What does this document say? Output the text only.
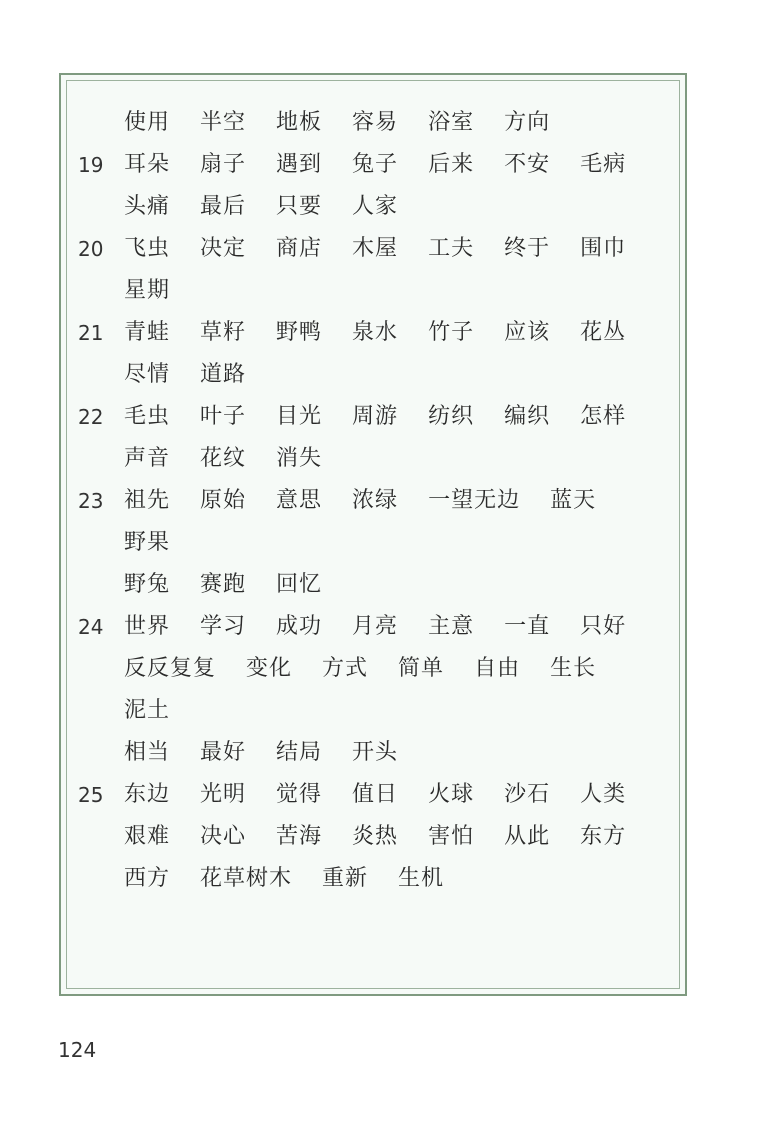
使用 半空 地板 容易 浴室 方向
19 耳朵 扇子 遇到 兔子 后来 不安 毛病
头痛 最后 只要 人家
20 飞虫 决定 商店 木屋 工夫 终于 围巾
星期
21 青蛙 草籽 野鸭 泉水 竹子 应该 花丛
尽情 道路
22 毛虫 叶子 目光 周游 纺织 编织 怎样
声音 花纹 消失
23 祖先 原始 意思 浓绿 一望无边 蓝天
野果
野兔 赛跑 回忆
24 世界 学习 成功 月亮 主意 一直 只好
反反复复 变化 方式 简单 自由 生长
泥土
相当 最好 结局 开头
25 东边 光明 觉得 值日 火球 沙石 人类
艰难 决心 苦海 炎热 害怕 从此 东方
西方 花草树木 重新 生机
124
